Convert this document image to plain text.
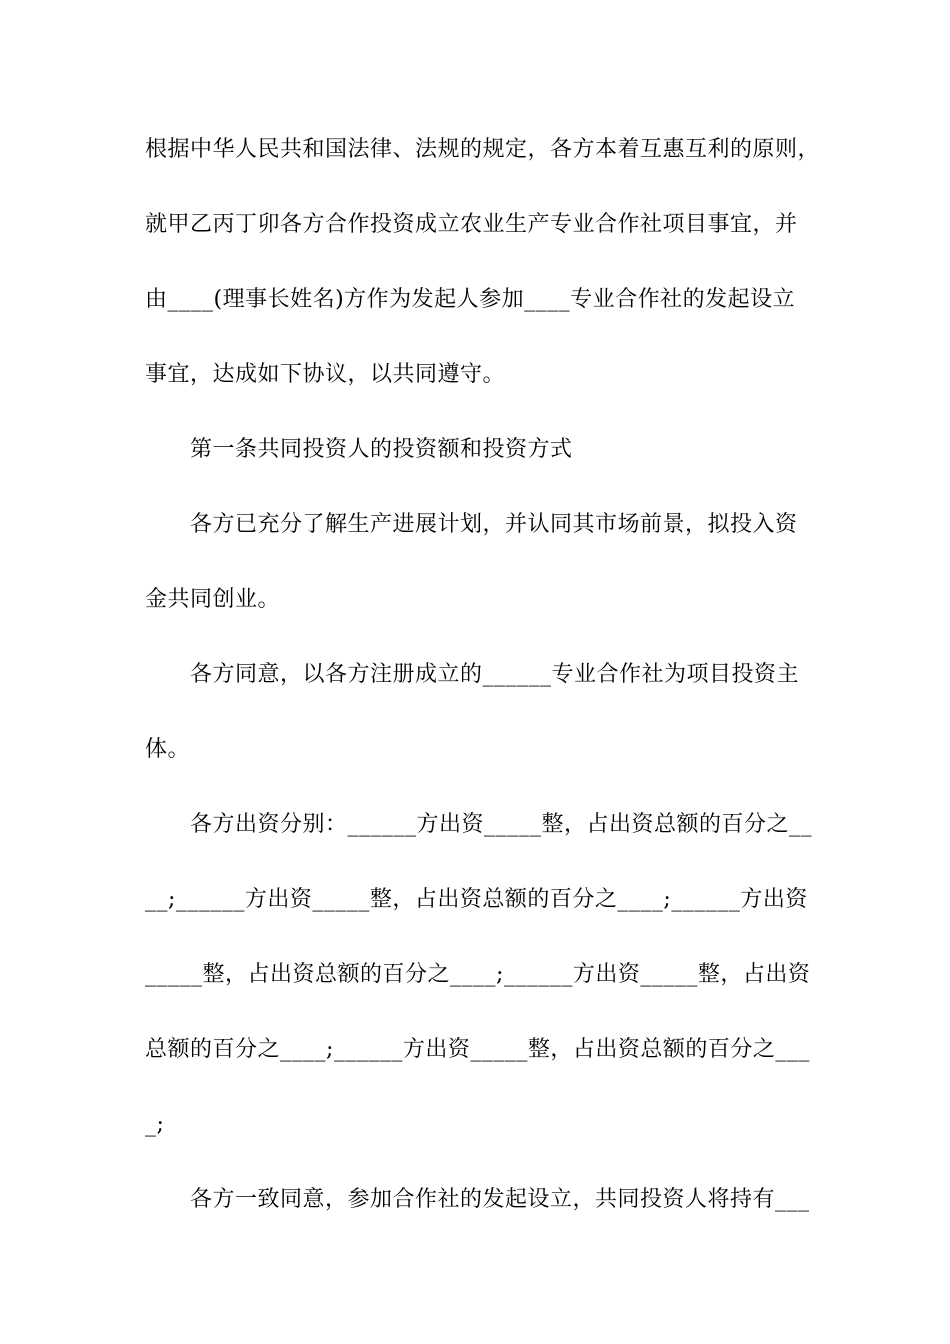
根据中华人民共和国法律、法规的规定，各方本着互惠互利的原则，
就甲乙丙丁卯各方合作投资成立农业生产专业合作社项目事宜，并
由____(理事长姓名)方作为发起人参加____专业合作社的发起设立
事宜，达成如下协议，以共同遵守。
第一条共同投资人的投资额和投资方式
各方已充分了解生产进展计划，并认同其市场前景，拟投入资
金共同创业。
各方同意，以各方注册成立的______专业合作社为项目投资主
体。
各方出资分别：______方出资_____整，占出资总额的百分之__
__;______方出资_____整，占出资总额的百分之____;______方出资
_____整，占出资总额的百分之____;______方出资_____整，占出资
总额的百分之____;______方出资_____整，占出资总额的百分之___
_;
各方一致同意，参加合作社的发起设立，共同投资人将持有___
